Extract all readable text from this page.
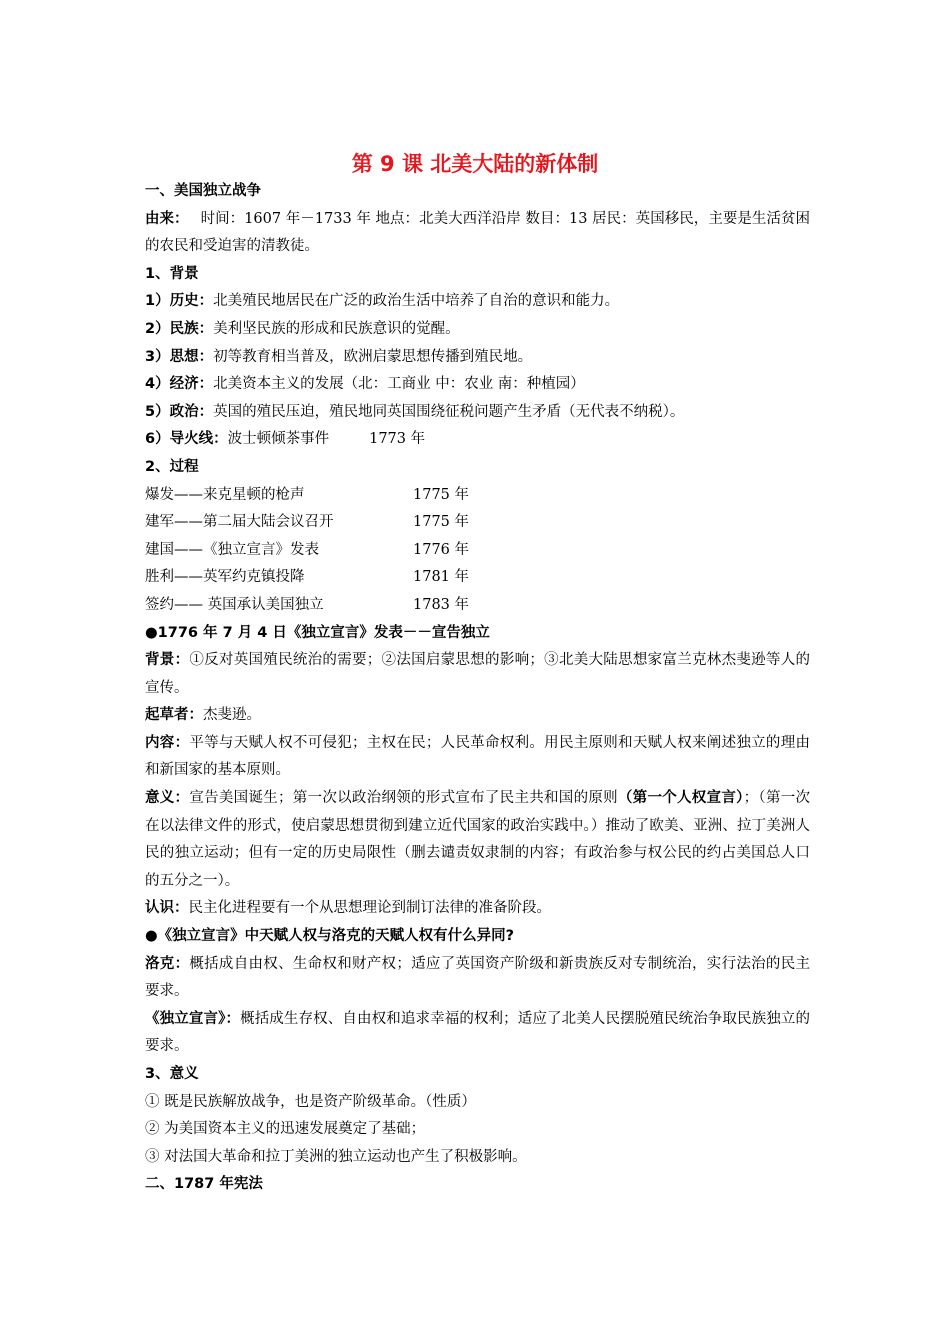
第 9 课 北美大陆的新体制

一、美国独立战争

由来： 时间：1607 年－1733 年 地点：北美大西洋沿岸 数目：13 居民：英国移民，主要是生活贫困的农民和受迫害的清教徒。

1、背景

1）历史：北美殖民地居民在广泛的政治生活中培养了自治的意识和能力。

2）民族：美利坚民族的形成和民族意识的觉醒。

3）思想：初等教育相当普及，欧洲启蒙思想传播到殖民地。

4）经济：北美资本主义的发展（北：工商业 中：农业 南：种植园）

5）政治：英国的殖民压迫，殖民地同英国围绕征税问题产生矛盾（无代表不纳税）。

6）导火线：波士顿倾茶事件	1773 年

2、过程

爆发——来克星顿的枪声	1775 年

建军——第二届大陆会议召开	1775 年

建国——《独立宣言》发表	1776 年

胜利——英军约克镇投降	1781 年

签约—— 英国承认美国独立	1783 年

●1776 年 7 月 4 日《独立宣言》发表－－宣告独立

背景：①反对英国殖民统治的需要；②法国启蒙思想的影响；③北美大陆思想家富兰克林杰斐逊等人的宣传。

起草者：杰斐逊。

内容：平等与天赋人权不可侵犯；主权在民；人民革命权利。用民主原则和天赋人权来阐述独立的理由和新国家的基本原则。

意义：宣告美国诞生；第一次以政治纲领的形式宣布了民主共和国的原则（第一个人权宣言）；（第一次在以法律文件的形式，使启蒙思想贯彻到建立近代国家的政治实践中。）推动了欧美、亚洲、拉丁美洲人民的独立运动；但有一定的历史局限性（删去谴责奴隶制的内容；有政治参与权公民的约占美国总人口的五分之一）。

认识：民主化进程要有一个从思想理论到制订法律的准备阶段。

●《独立宣言》中天赋人权与洛克的天赋人权有什么异同?

洛克：概括成自由权、生命权和财产权；适应了英国资产阶级和新贵族反对专制统治，实行法治的民主要求。

《独立宣言》：概括成生存权、自由权和追求幸福的权利；适应了北美人民摆脱殖民统治争取民族独立的要求。

3、意义

① 既是民族解放战争，也是资产阶级革命。（性质）

② 为美国资本主义的迅速发展奠定了基础；

③ 对法国大革命和拉丁美洲的独立运动也产生了积极影响。

二、1787 年宪法
